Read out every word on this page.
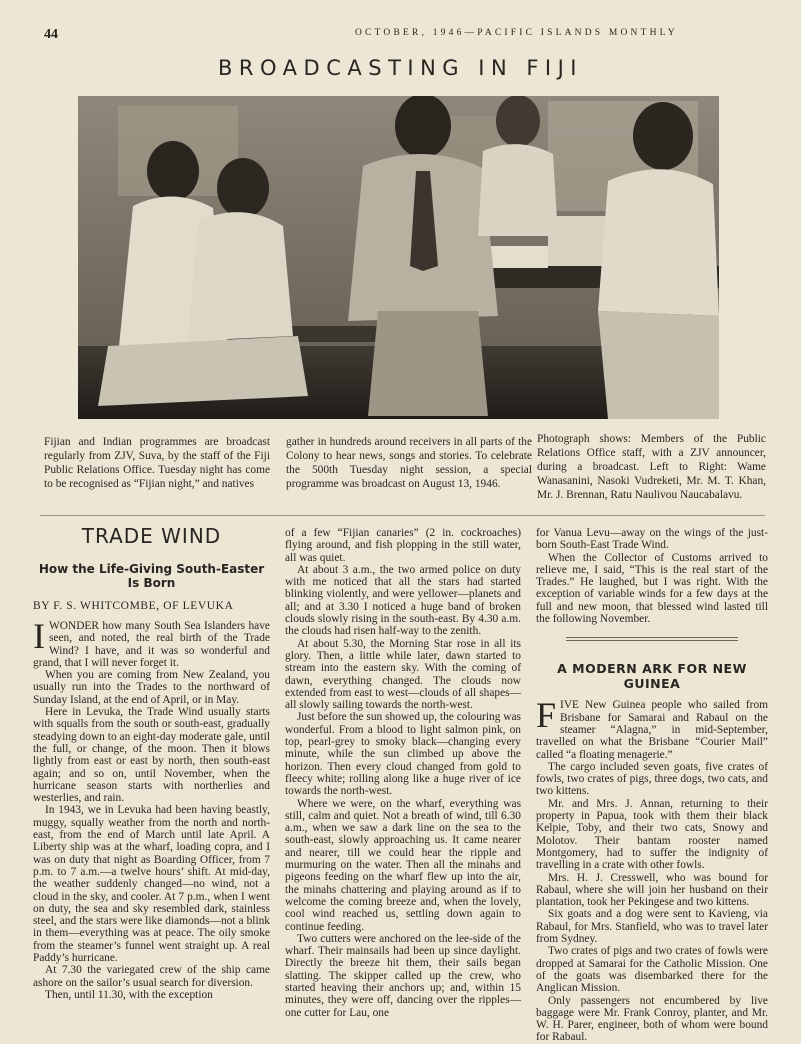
44	OCTOBER, 1946—PACIFIC ISLANDS MONTHLY
BROADCASTING IN FIJI
Fijian and Indian programmes are broadcast regularly from ZJV, Suva, by the staff of the Fiji Public Relations Office. Tuesday night has come to be recognised as “Fijian night,” and natives
gather in hundreds around receivers in all parts of the Colony to hear news, songs and stories. To celebrate the 500th Tuesday night session, a special programme was broadcast on August 13, 1946.
Photograph shows: Members of the Public Relations Office staff, with a ZJV announcer, during a broadcast. Left to Right: Wame Wanasanini, Nasoki Vudreketi, Mr. M. T. Khan, Mr. J. Brennan, Ratu Naulivou Naucabalavu.
TRADE WIND
How the Life-Giving South-Easter Is Born
BY F. S. WHITCOMBE, OF LEVUKA

IWONDER how many South Sea Islanders have seen, and noted, the real birth of the Trade Wind? I have, and it was so wonderful and grand, that I will never forget it.

When you are coming from New Zealand, you usually run into the Trades to the northward of Sunday Island, at the end of April, or in May.

Here in Levuka, the Trade Wind usually starts with squalls from the south or south-east, gradually steadying down to an eight-day moderate gale, until the full, or change, of the moon. Then it blows lightly from east or east by north, then south-east again; and so on, until November, when the hurricane season starts with northerlies and westerlies, and rain.

In 1943, we in Levuka had been having beastly, muggy, squally weather from the north and north-east, from the end of March until late April. A Liberty ship was at the wharf, loading copra, and I was on duty that night as Boarding Officer, from 7 p.m. to 7 a.m.—a twelve hours’ shift. At mid-day, the weather suddenly changed—no wind, not a cloud in the sky, and cooler. At 7 p.m., when I went on duty, the sea and sky resembled dark, stainless steel, and the stars were like diamonds—not a blink in them—everything was at peace. The oily smoke from the steamer’s funnel went straight up. A real Paddy’s hurricane.

At 7.30 the variegated crew of the ship came ashore on the sailor’s usual search for diversion.

Then, until 11.30, with the exception

of a few “Fijian canaries” (2 in. cockroaches) flying around, and fish plopping in the still water, all was quiet.

At about 3 a.m., the two armed police on duty with me noticed that all the stars had started blinking violently, and were yellower—planets and all; and at 3.30 I noticed a huge band of broken clouds slowly rising in the south-east. By 4.30 a.m. the clouds had risen half-way to the zenith.

At about 5.30, the Morning Star rose in all its glory. Then, a little while later, dawn started to stream into the eastern sky. With the coming of dawn, everything changed. The clouds now extended from east to west—clouds of all shapes—all slowly sailing towards the north-west.

Just before the sun showed up, the colouring was wonderful. From a blood to light salmon pink, on top, pearl-grey to smoky black—changing every minute, while the sun climbed up above the horizon. Then every cloud changed from gold to fleecy white; rolling along like a huge river of ice towards the north-west.

Where we were, on the wharf, everything was still, calm and quiet. Not a breath of wind, till 6.30 a.m., when we saw a dark line on the sea to the south-east, slowly approaching us. It came nearer and nearer, till we could hear the ripple and murmuring on the water. Then all the minahs and pigeons feeding on the wharf flew up into the air, the minahs chattering and playing around as if to welcome the coming breeze and, when the lovely, cool wind reached us, settling down again to continue feeding.

Two cutters were anchored on the lee-side of the wharf. Their mainsails had been up since daylight. Directly the breeze hit them, their sails began slatting. The skipper called up the crew, who started heaving their anchors up; and, within 15 minutes, they were off, dancing over the ripples—one cutter for Lau, one

for Vanua Levu—away on the wings of the just-born South-East Trade Wind.

When the Collector of Customs arrived to relieve me, I said, “This is the real start of the Trades.” He laughed, but I was right. With the exception of variable winds for a few days at the full and new moon, that blessed wind lasted till the following November.

A MODERN ARK FOR NEW GUINEA

FIVE New Guinea people who sailed from Brisbane for Samarai and Rabaul on the steamer “Alagna,” in mid-September, travelled on what the Brisbane “Courier Mail” called “a floating menagerie.”

The cargo included seven goats, five crates of fowls, two crates of pigs, three dogs, two cats, and two kittens.

Mr. and Mrs. J. Annan, returning to their property in Papua, took with them their black Kelpie, Toby, and their two cats, Snowy and Molotov. Their bantam rooster named Montgomery, had to suffer the indignity of travelling in a crate with other fowls.

Mrs. H. J. Cresswell, who was bound for Rabaul, where she will join her husband on their plantation, took her Pekingese and two kittens.

Six goats and a dog were sent to Kavieng, via Rabaul, for Mrs. Stanfield, who was to travel later from Sydney.

Two crates of pigs and two crates of fowls were dropped at Samarai for the Catholic Mission. One of the goats was disembarked there for the Anglican Mission.

Only passengers not encumbered by live baggage were Mr. Frank Conroy, planter, and Mr. W. H. Parer, engineer, both of whom were bound for Rabaul.
